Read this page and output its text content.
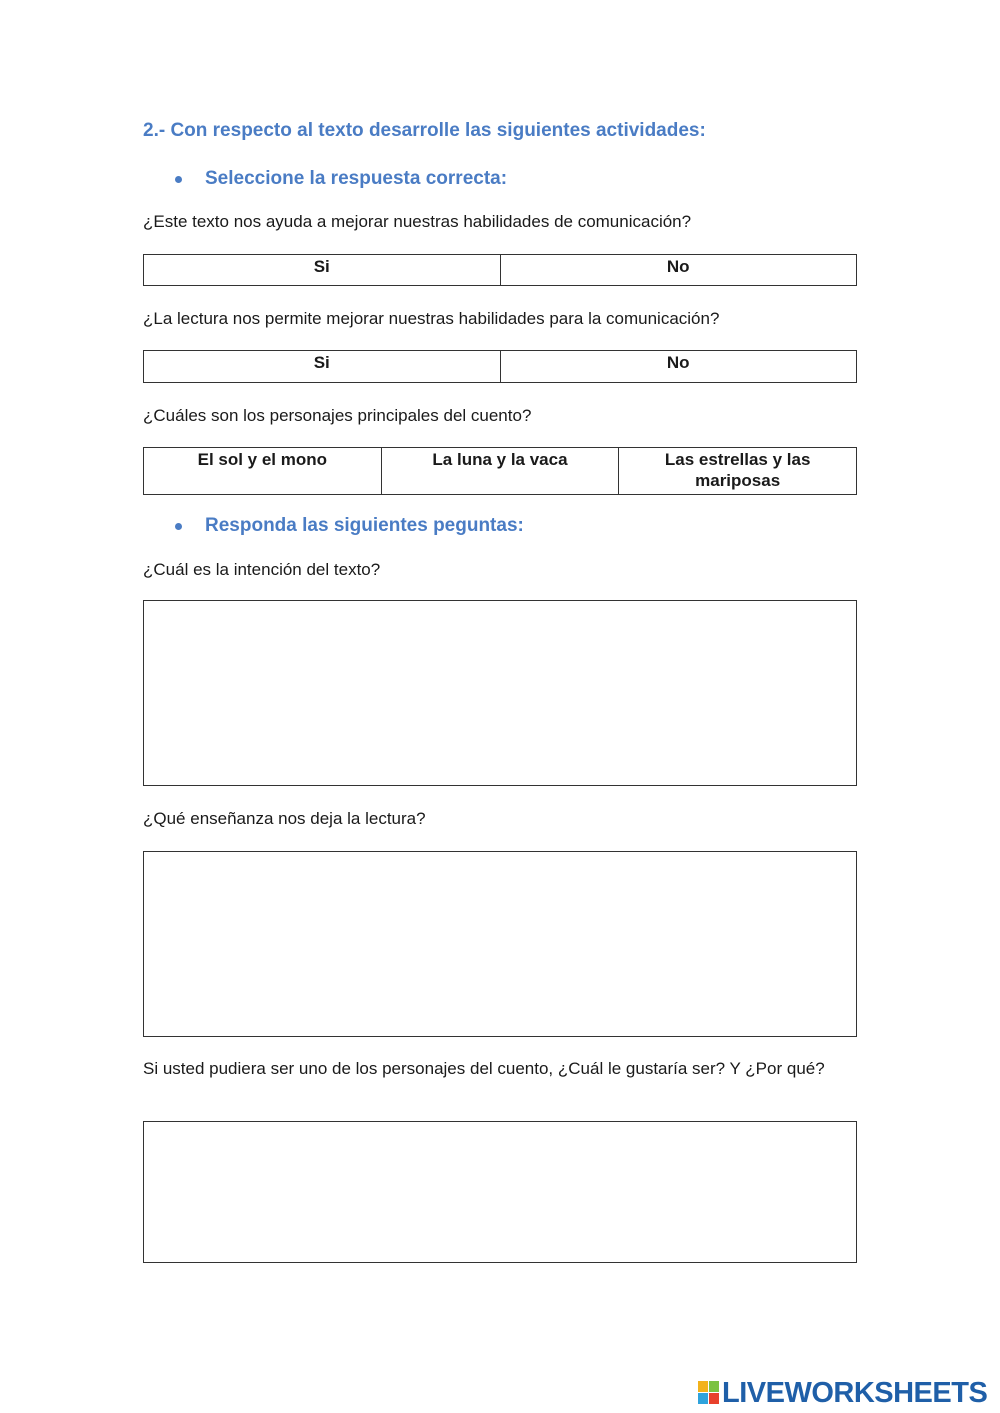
2.- Con respecto al texto desarrolle las siguientes actividades:
Seleccione la respuesta correcta:
¿Este texto nos ayuda a mejorar nuestras habilidades de comunicación?
Si	No
¿La lectura nos permite mejorar nuestras habilidades para la comunicación?
Si	No
¿Cuáles son los personajes principales del cuento?
El sol y el mono	La luna y la vaca	Las estrellas y las mariposas
Responda las siguientes peguntas:
¿Cuál es la intención del texto?
¿Qué enseñanza nos deja la lectura?
Si usted pudiera ser uno de los personajes del cuento, ¿Cuál le gustaría ser? Y ¿Por qué?
LIVEWORKSHEETS
